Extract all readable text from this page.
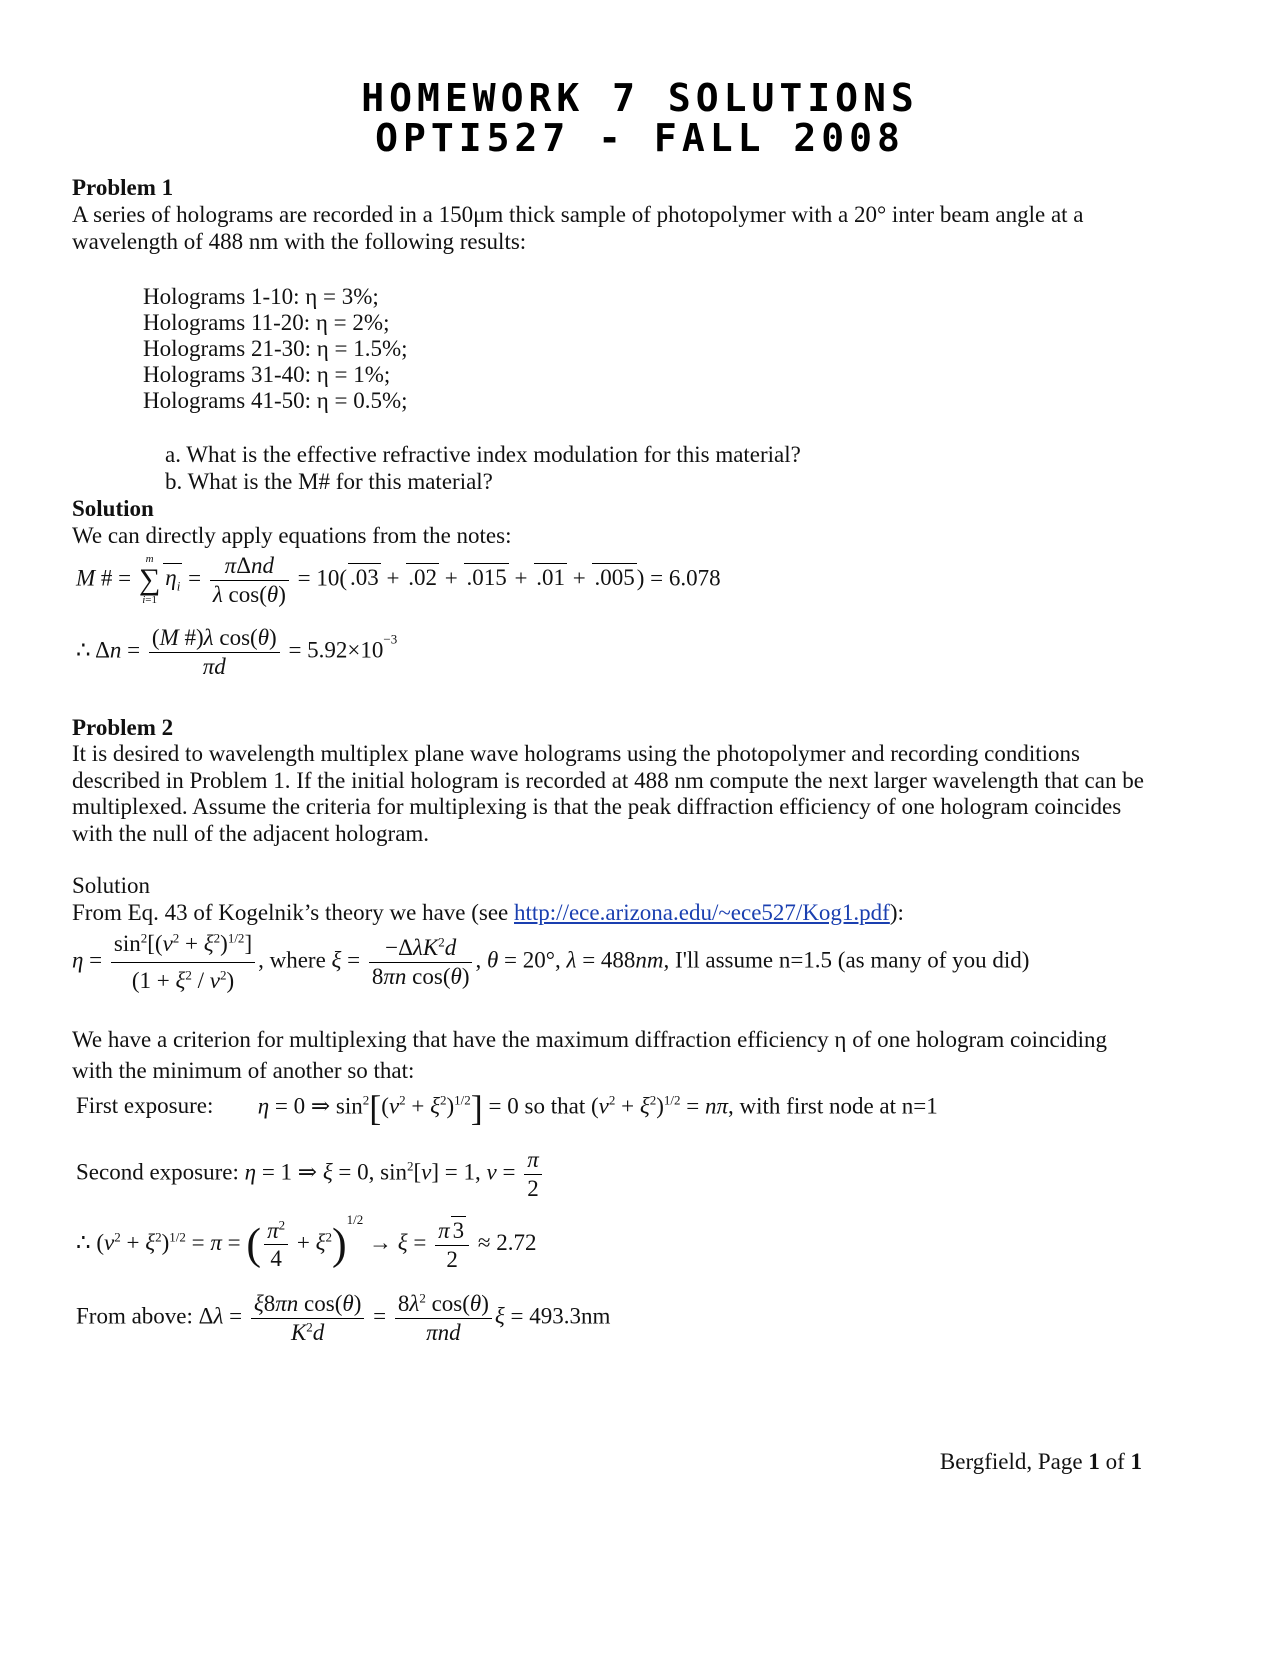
HOMEWORK 7 SOLUTIONS
OPTI527 - FALL 2008
Problem 1
A series of holograms are recorded in a 150μm thick sample of photopolymer with a 20° inter beam angle at a wavelength of 488 nm with the following results:
Holograms 1-10: η = 3%;
Holograms 11-20: η = 2%;
Holograms 21-30: η = 1.5%;
Holograms 31-40: η = 1%;
Holograms 41-50: η = 0.5%;
a. What is the effective refractive index modulation for this material?
b. What is the M# for this material?
Solution
We can directly apply equations from the notes:
M # =
m
∑
i=1
$\eta_i = \frac{\text{πΔnd}}{\text{λ cos(θ)}} = 10$( .03 + .02 + .015 + .01 + .005) = 6.078
∴ $\Delta n = \frac{\text{(M \#)λ cos(θ)}}{\pi d} = 5.92\times 10^{-3}$
Problem 2
It is desired to wavelength multiplex plane wave holograms using the photopolymer and recording conditions described in Problem 1. If the initial hologram is recorded at 488 nm compute the next larger wavelength that can be multiplexed. Assume the criteria for multiplexing is that the peak diffraction efficiency of one hologram coincides with the null of the adjacent hologram.
Solution
From Eq. 43 of Kogelnik’s theory we have (see http://ece.arizona.edu/~ece527/Kog1.pdf):
$\eta = \frac{\sin^2[(\nu^2 + \xi^2)^{1/2}]}{(1 + \xi^2 / \nu^2)}$ , where $\xi = \frac{-\Delta\lambda K^2d}{\text{8πn cos(θ)}}$ , θ = 20°, λ = 488nm, I'll assume n=1.5 (as many of you did)
We have a criterion for multiplexing that have the maximum diffraction efficiency η of one hologram coinciding with the minimum of another so that:
First exposure: η = 0 ⇒ $\sin^2[(\nu^2 + \xi^2)^{1/2}] = 0$ so that $(\nu^2 + \xi^2)^{1/2} = n\pi$, with first node at n=1
Second exposure: η = 1 ⇒ ξ = 0, $\sin^2[\nu] = 1$, $\nu = \frac{\pi}{2}$
∴ $(\nu^2 + \xi^2)^{1/2} = \pi$ = ( $\frac{\pi^2}{4} + \xi^2)^{1/2} \to \xi = \frac{\pi 3}{2} \approx 2.72$
From above: $\Delta\lambda = \frac{\text{ξ8πn cos(θ)}}{K^2d} = \frac{8\lambda^2 \cos(\theta)}{\text{πnd}}$ ξ = 493.3nm
Bergfield, Page 1 of 1
